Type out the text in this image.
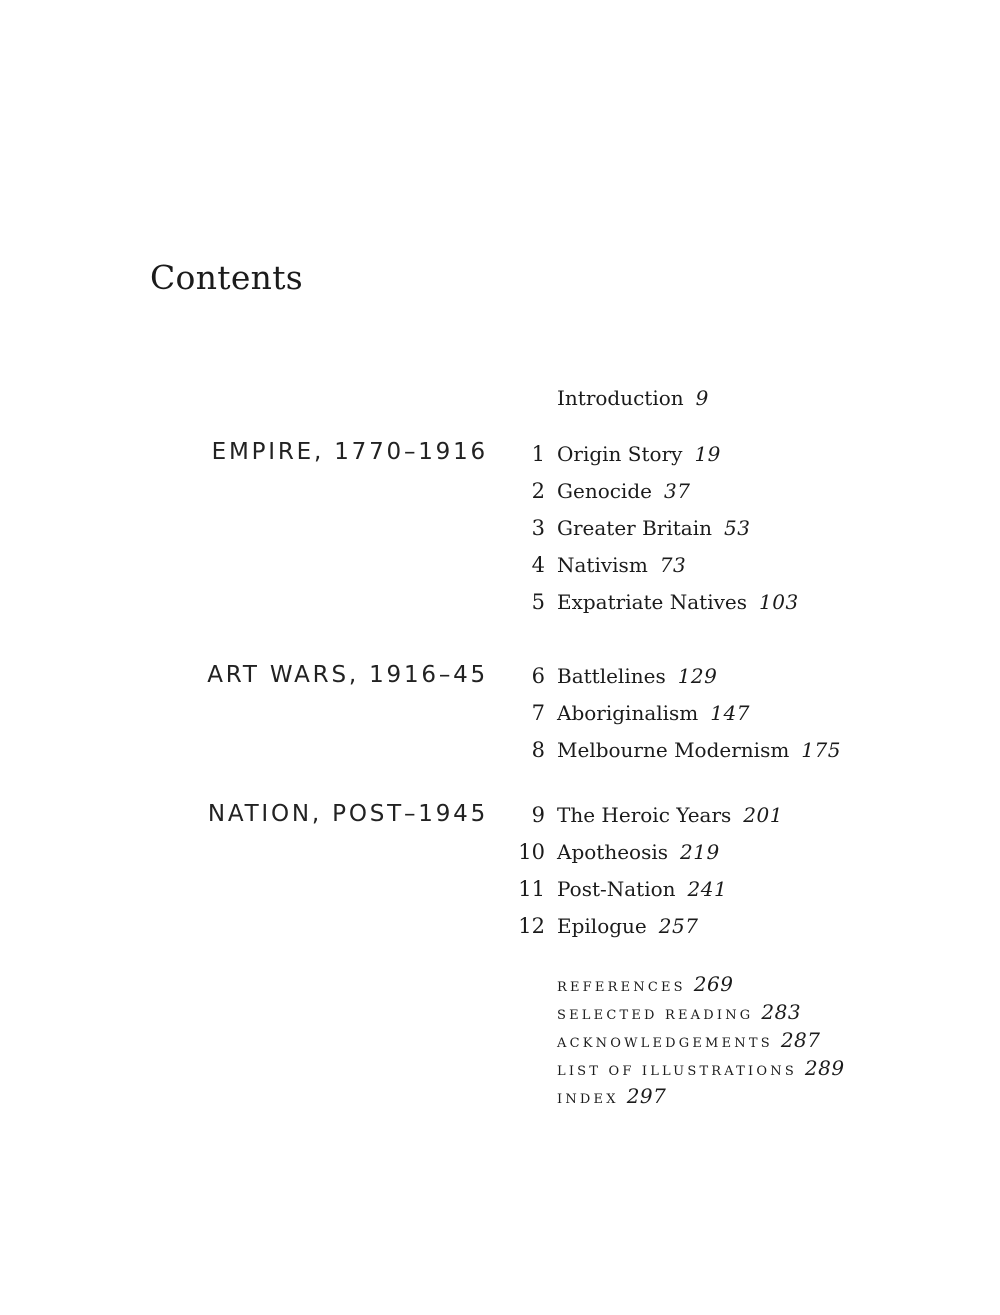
Contents
Introduction 9
EMPIRE, 1770–1916
ART WARS, 1916–45
NATION, POST–1945
1 Origin Story 19
2 Genocide 37
3 Greater Britain 53
4 Nativism 73
5 Expatriate Natives 103
6 Battlelines 129
7 Aboriginalism 147
8 Melbourne Modernism 175
9 The Heroic Years 201
10 Apotheosis 219
11 Post-Nation 241
12 Epilogue 257
REFERENCES 269
SELECTED READING 283
ACKNOWLEDGEMENTS 287
LIST OF ILLUSTRATIONS 289
INDEX 297
